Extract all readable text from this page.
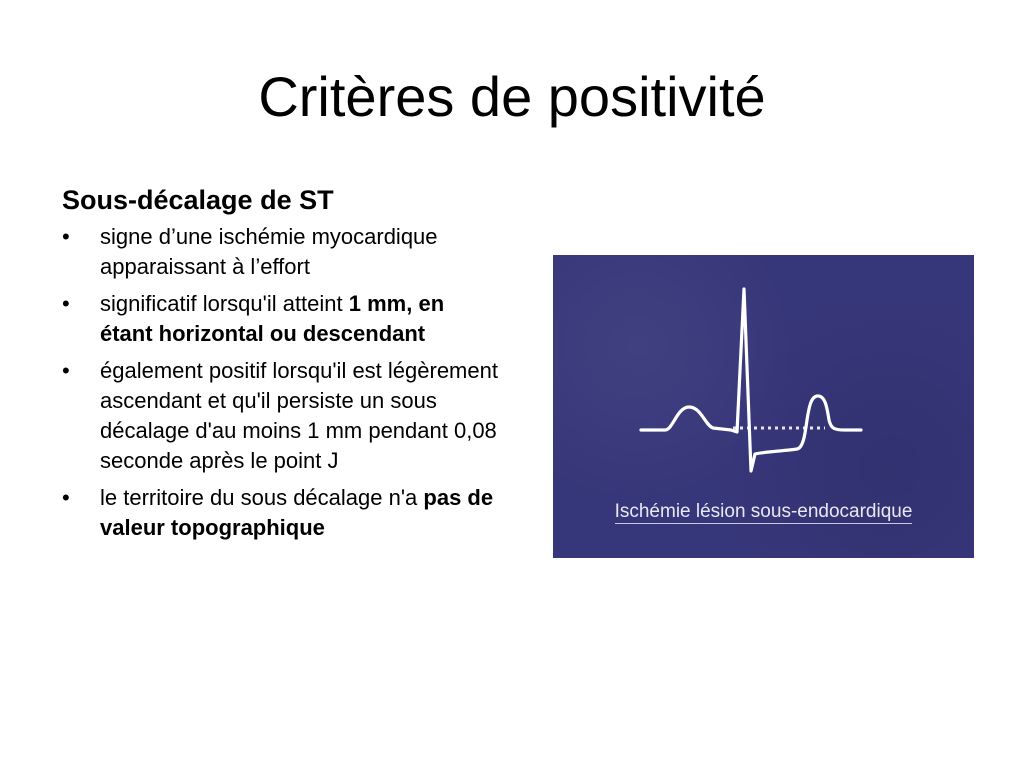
Critères de positivité
Sous-décalage de ST
•	signe d’une ischémie myocardique apparaissant à l’effort
•	significatif lorsqu'il atteint 1 mm, en étant horizontal ou descendant
•	également positif lorsqu'il est légèrement ascendant et qu'il persiste un sous décalage d'au moins 1 mm pendant 0,08 seconde après le point J
•	le territoire du sous décalage n'a pas de valeur topographique
Ischémie lésion sous-endocardique
